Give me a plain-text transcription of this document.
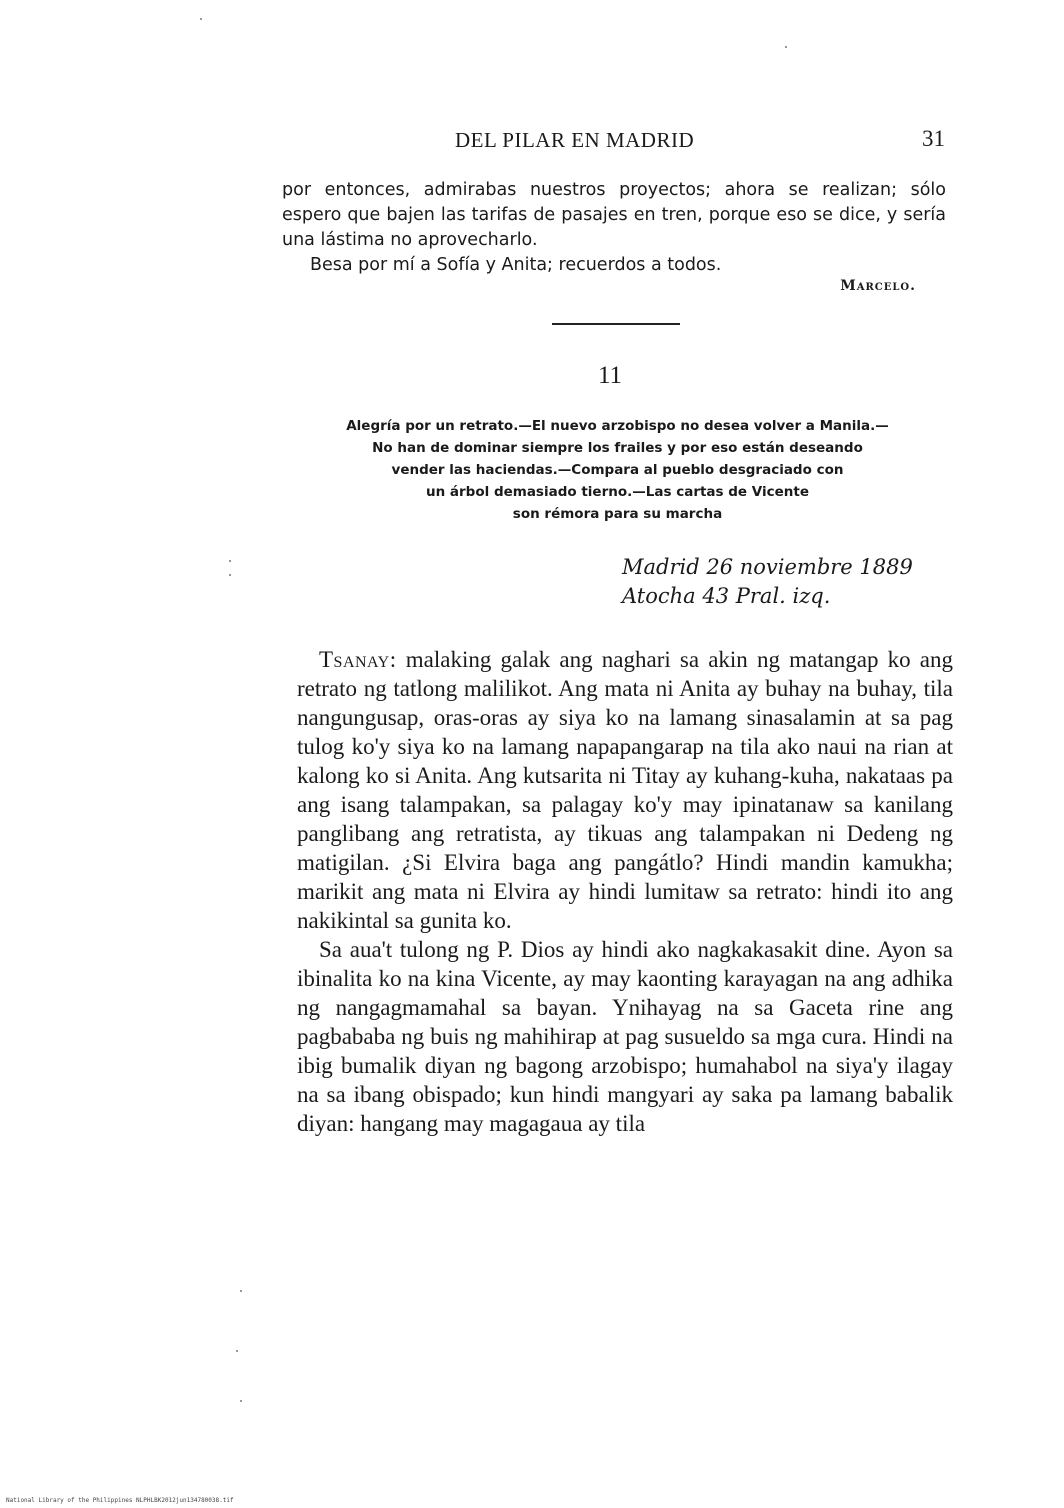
DEL PILAR EN MADRID	31

por entonces, admirabas nuestros proyectos; ahora se realizan; sólo espero que bajen las tarifas de pasajes en tren, porque eso se dice, y sería una lástima no aprovecharlo.

Besa por mí a Sofía y Anita; recuerdos a todos.

Marcelo.
11
Alegría por un retrato.—El nuevo arzobispo no desea volver a Manila.—
No han de dominar siempre los frailes y por eso están deseando
vender las haciendas.—Compara al pueblo desgraciado con
un árbol demasiado tierno.—Las cartas de Vicente
son rémora para su marcha
Madrid 26 noviembre 1889
Atocha 43 Pral. izq.

Tsanay: malaking galak ang naghari sa akin ng matangap ko ang retrato ng tatlong malilikot. Ang mata ni Anita ay buhay na buhay, tila nangungusap, oras-oras ay siya ko na lamang sinasalamin at sa pag tulog ko'y siya ko na lamang napapangarap na tila ako naui na rian at kalong ko si Anita. Ang kutsarita ni Titay ay kuhang-kuha, nakataas pa ang isang talampakan, sa palagay ko'y may ipinatanaw sa kanilang panglibang ang retratista, ay tikuas ang talampakan ni Dedeng ng matigilan. ¿Si Elvira baga ang pangátlo? Hindi mandin kamukha; marikit ang mata ni Elvira ay hindi lumitaw sa retrato: hindi ito ang nakikintal sa gunita ko.

Sa aua't tulong ng P. Dios ay hindi ako nagkakasakit dine. Ayon sa ibinalita ko na kina Vicente, ay may kaonting karayagan na ang adhika ng nangagmamahal sa bayan. Ynihayag na sa Gaceta rine ang pagbababa ng buis ng mahihirap at pag susueldo sa mga cura. Hindi na ibig bumalik diyan ng bagong arzobispo; humahabol na siya'y ilagay na sa ibang obispado; kun hindi mangyari ay saka pa lamang babalik diyan: hangang may magagaua ay tila

National Library of the Philippines NLPHLBK2012jun134780038.tif
